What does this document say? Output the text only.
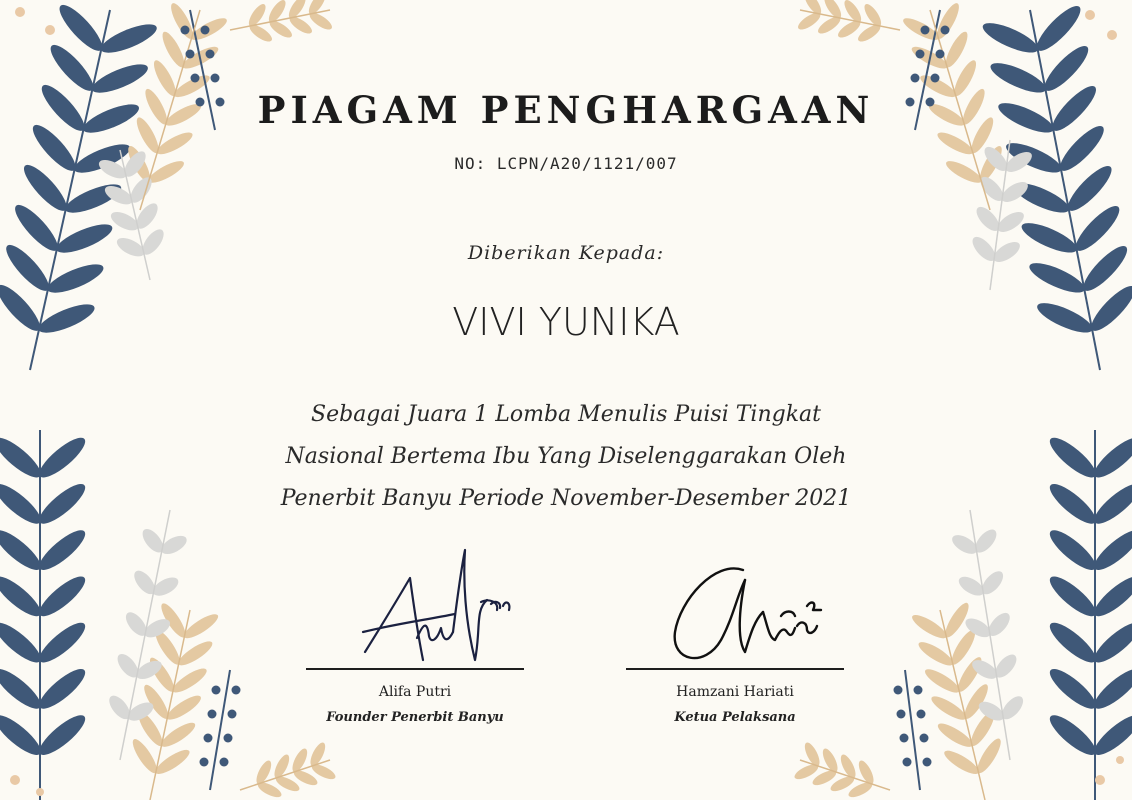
PIAGAM PENGHARGAAN
NO: LCPN/A20/1121/007
Diberikan Kepada:
VIVI YUNIKA
Sebagai Juara 1 Lomba Menulis Puisi Tingkat
Nasional Bertema Ibu Yang Diselenggarakan Oleh
Penerbit Banyu Periode November-Desember 2021
Alifa Putri
Founder Penerbit Banyu
Hamzani Hariati
Ketua Pelaksana
